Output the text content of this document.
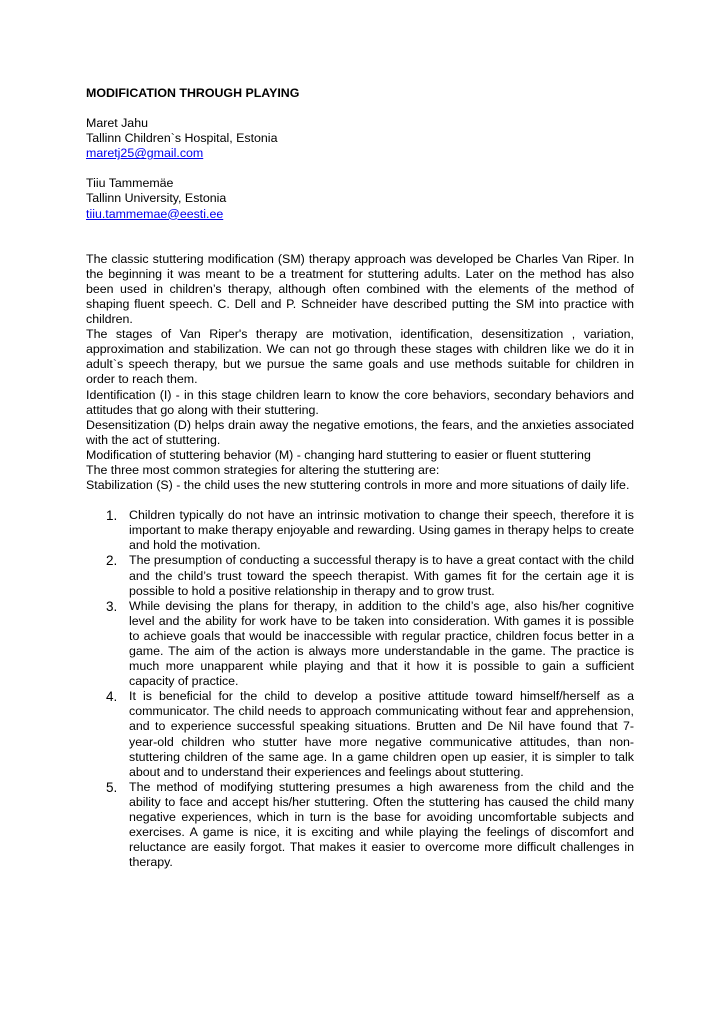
MODIFICATION THROUGH PLAYING
Maret Jahu
Tallinn Children`s Hospital, Estonia
maretj25@gmail.com
Tiiu Tammemäe
Tallinn University, Estonia
tiiu.tammemae@eesti.ee

The classic stuttering modification (SM) therapy approach was developed be Charles Van Riper. In the beginning it was meant to be a treatment for stuttering adults. Later on the method has also been used in children’s therapy, although often combined with the elements of the method of shaping fluent speech. C. Dell and P. Schneider have described putting the SM into practice with children.

The stages of Van Riper's therapy are motivation, identification, desensitization , variation, approximation and stabilization. We can not go through these stages with children like we do it in adult`s speech therapy, but we pursue the same goals and use methods suitable for children in order to reach them.

Identification (I) - in this stage children learn to know the core behaviors, secondary behaviors and attitudes that go along with their stuttering.

Desensitization (D) helps drain away the negative emotions, the fears, and the anxieties associated with the act of stuttering.

Modification of stuttering behavior (M) - changing hard stuttering to easier or fluent stuttering

The three most common strategies for altering the stuttering are:

Stabilization (S) - the child uses the new stuttering controls in more and more situations of daily life.

1. Children typically do not have an intrinsic motivation to change their speech, therefore it is important to make therapy enjoyable and rewarding. Using games in therapy helps to create and hold the motivation.
2. The presumption of conducting a successful therapy is to have a great contact with the child and the child’s trust toward the speech therapist. With games fit for the certain age it is possible to hold a positive relationship in therapy and to grow trust.
3. While devising the plans for therapy, in addition to the child’s age, also his/her cognitive level and the ability for work have to be taken into consideration. With games it is possible to achieve goals that would be inaccessible with regular practice, children focus better in a game. The aim of the action is always more understandable in the game. The practice is much more unapparent while playing and that it how it is possible to gain a sufficient capacity of practice.
4. It is beneficial for the child to develop a positive attitude toward himself/herself as a communicator. The child needs to approach communicating without fear and apprehension, and to experience successful speaking situations. Brutten and De Nil have found that 7-year-old children who stutter have more negative communicative attitudes, than non-stuttering children of the same age. In a game children open up easier, it is simpler to talk about and to understand their experiences and feelings about stuttering.
5. The method of modifying stuttering presumes a high awareness from the child and the ability to face and accept his/her stuttering. Often the stuttering has caused the child many negative experiences, which in turn is the base for avoiding uncomfortable subjects and exercises. A game is nice, it is exciting and while playing the feelings of discomfort and reluctance are easily forgot. That makes it easier to overcome more difficult challenges in therapy.
